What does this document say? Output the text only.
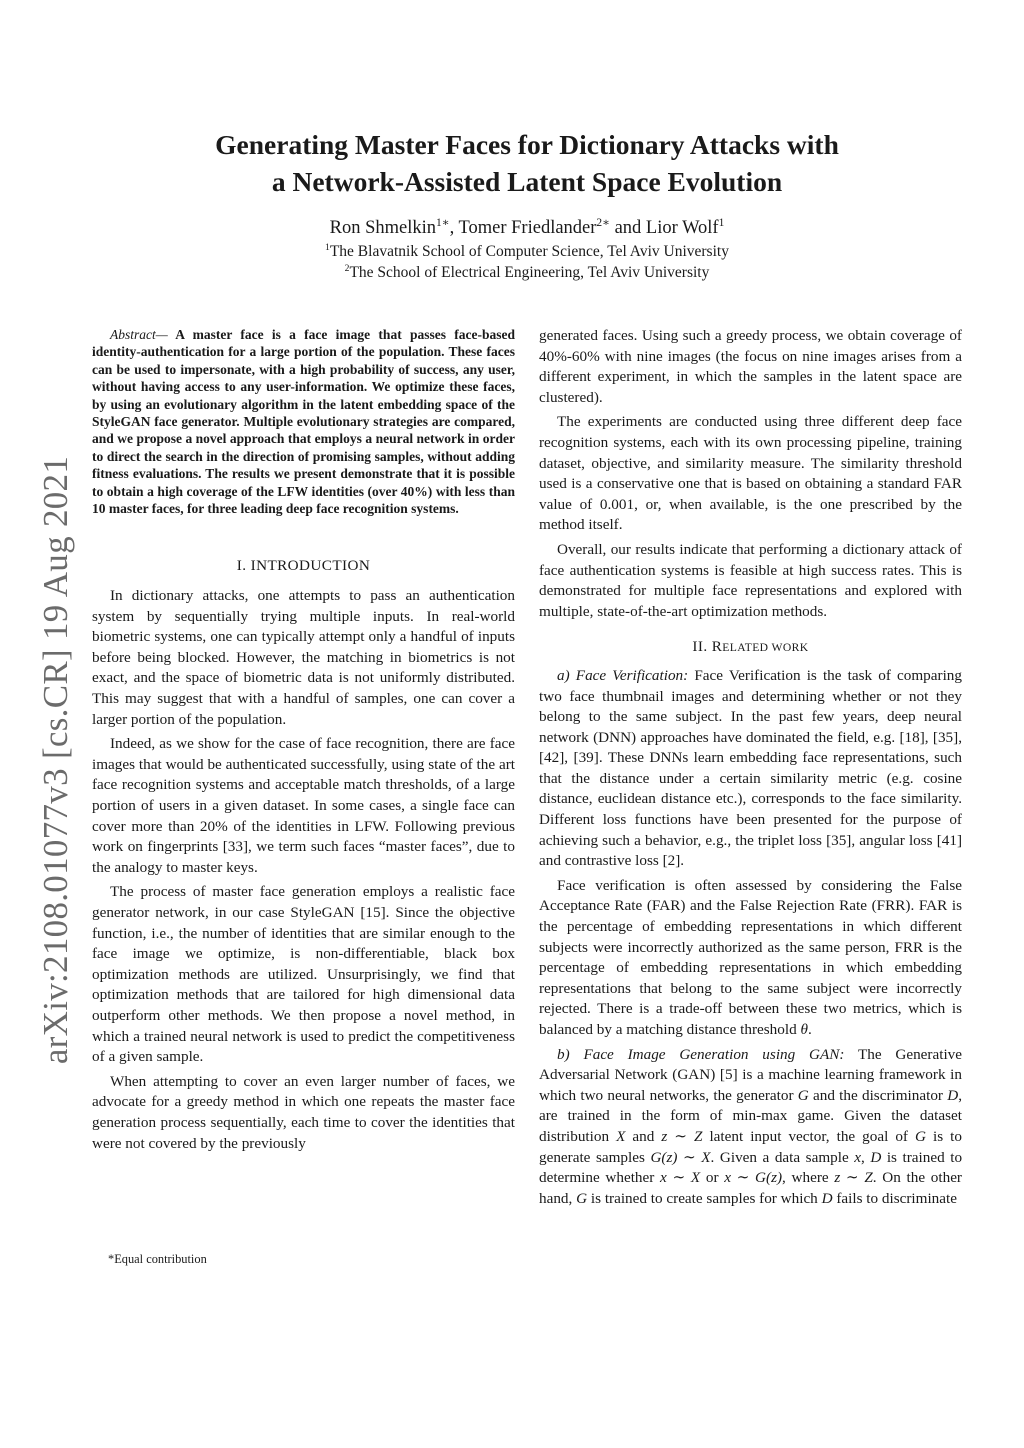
arXiv:2108.01077v3 [cs.CR] 19 Aug 2021
Generating Master Faces for Dictionary Attacks with
a Network-Assisted Latent Space Evolution
Ron Shmelkin$^{1∗}$, Tomer Friedlander$^{2∗}$ and Lior Wolf$^1$
$^1$The Blavatnik School of Computer Science, Tel Aviv University
$^2$The School of Electrical Engineering, Tel Aviv University

Abstract— A master face is a face image that passes face-based identity-authentication for a large portion of the population. These faces can be used to impersonate, with a high probability of success, any user, without having access to any user-information. We optimize these faces, by using an evolutionary algorithm in the latent embedding space of the StyleGAN face generator. Multiple evolutionary strategies are compared, and we propose a novel approach that employs a neural network in order to direct the search in the direction of promising samples, without adding fitness evaluations. The results we present demonstrate that it is possible to obtain a high coverage of the LFW identities (over 40%) with less than 10 master faces, for three leading deep face recognition systems.

I. INTRODUCTION

In dictionary attacks, one attempts to pass an authentication system by sequentially trying multiple inputs. In real-world biometric systems, one can typically attempt only a handful of inputs before being blocked. However, the matching in biometrics is not exact, and the space of biometric data is not uniformly distributed. This may suggest that with a handful of samples, one can cover a larger portion of the population.

Indeed, as we show for the case of face recognition, there are face images that would be authenticated successfully, using state of the art face recognition systems and acceptable match thresholds, of a large portion of users in a given dataset. In some cases, a single face can cover more than 20% of the identities in LFW. Following previous work on fingerprints [33], we term such faces “master faces”, due to the analogy to master keys.

The process of master face generation employs a realistic face generator network, in our case StyleGAN [15]. Since the objective function, i.e., the number of identities that are similar enough to the face image we optimize, is non-differentiable, black box optimization methods are utilized. Unsurprisingly, we find that optimization methods that are tailored for high dimensional data outperform other methods. We then propose a novel method, in which a trained neural network is used to predict the competitiveness of a given sample.

When attempting to cover an even larger number of faces, we advocate for a greedy method in which one repeats the master face generation process sequentially, each time to cover the identities that were not covered by the previously

*Equal contribution

generated faces. Using such a greedy process, we obtain coverage of 40%-60% with nine images (the focus on nine images arises from a different experiment, in which the samples in the latent space are clustered).

The experiments are conducted using three different deep face recognition systems, each with its own processing pipeline, training dataset, objective, and similarity measure. The similarity threshold used is a conservative one that is based on obtaining a standard FAR value of 0.001, or, when available, is the one prescribed by the method itself.

Overall, our results indicate that performing a dictionary attack of face authentication systems is feasible at high success rates. This is demonstrated for multiple face representations and explored with multiple, state-of-the-art optimization methods.

II. RELATED WORK

a) Face Verification: Face Verification is the task of comparing two face thumbnail images and determining whether or not they belong to the same subject. In the past few years, deep neural network (DNN) approaches have dominated the field, e.g. [18], [35], [42], [39]. These DNNs learn embedding face representations, such that the distance under a certain similarity metric (e.g. cosine distance, euclidean distance etc.), corresponds to the face similarity. Different loss functions have been presented for the purpose of achieving such a behavior, e.g., the triplet loss [35], angular loss [41] and contrastive loss [2].

Face verification is often assessed by considering the False Acceptance Rate (FAR) and the False Rejection Rate (FRR). FAR is the percentage of embedding representations in which different subjects were incorrectly authorized as the same person, FRR is the percentage of embedding representations in which embedding representations that belong to the same subject were incorrectly rejected. There is a trade-off between these two metrics, which is balanced by a matching distance threshold θ.

b) Face Image Generation using GAN: The Generative Adversarial Network (GAN) [5] is a machine learning framework in which two neural networks, the generator G and the discriminator D, are trained in the form of min-max game. Given the dataset distribution X and z ∼ Z latent input vector, the goal of G is to generate samples G(z) ∼ X. Given a data sample x, D is trained to determine whether x ∼ X or x ∼ G(z), where z ∼ Z. On the other hand, G is trained to create samples for which D fails to discriminate
